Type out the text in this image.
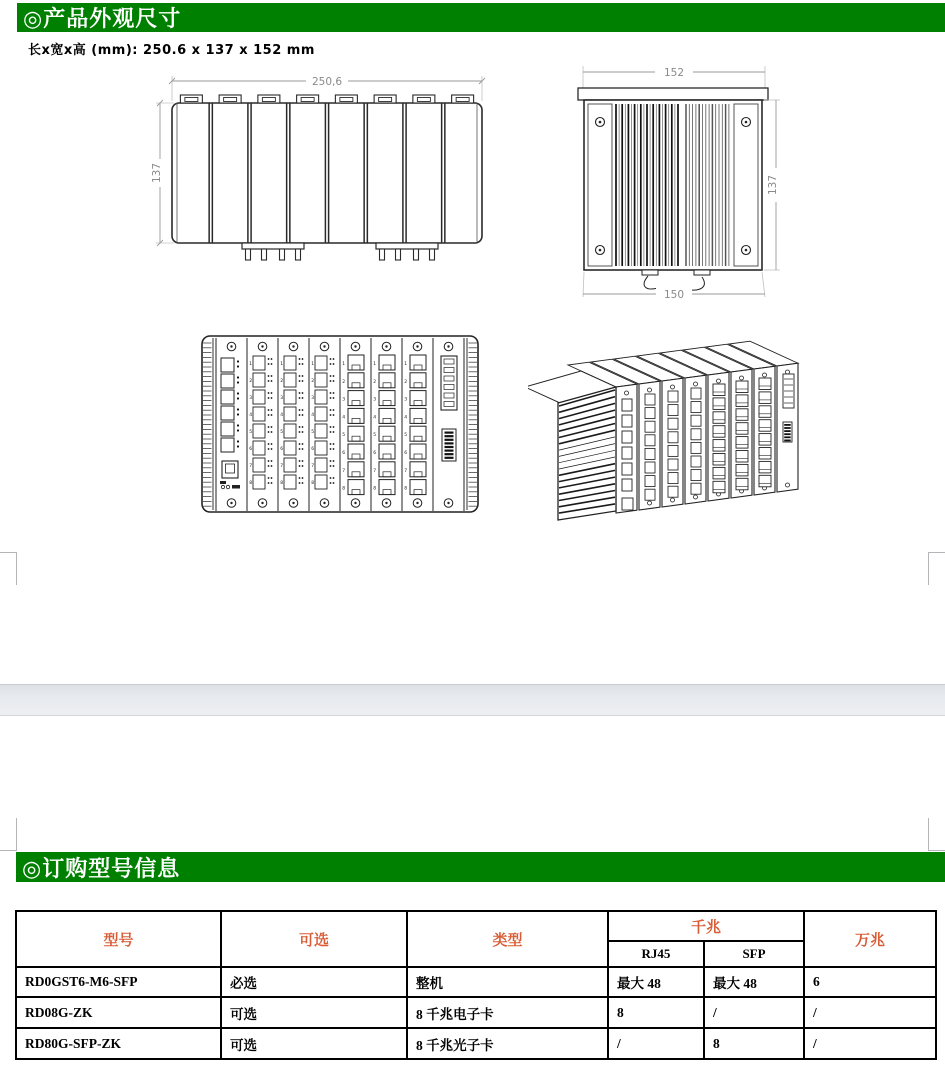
◎产品外观尺寸
长x宽x高 (mm): 250.6 x 137 x 152 mm
250,6
137
152
137
150
1
2
3
4
5
6
7
8
1
2
3
4
5
6
7
8
1
2
3
4
5
6
7
8
1
2
3
4
5
6
7
8
1
2
3
4
5
6
7
8
1
2
3
4
5
6
7
8
◎订购型号信息
型号	可选	类型	千兆		万兆
			RJ45	SFP	
RD0GST6-M6-SFP	必选	整机	最大 48	最大 48	6
RD08G-ZK	可选	8 千兆电子卡	8	/	/
RD80G-SFP-ZK	可选	8 千兆光子卡	/	8	/
